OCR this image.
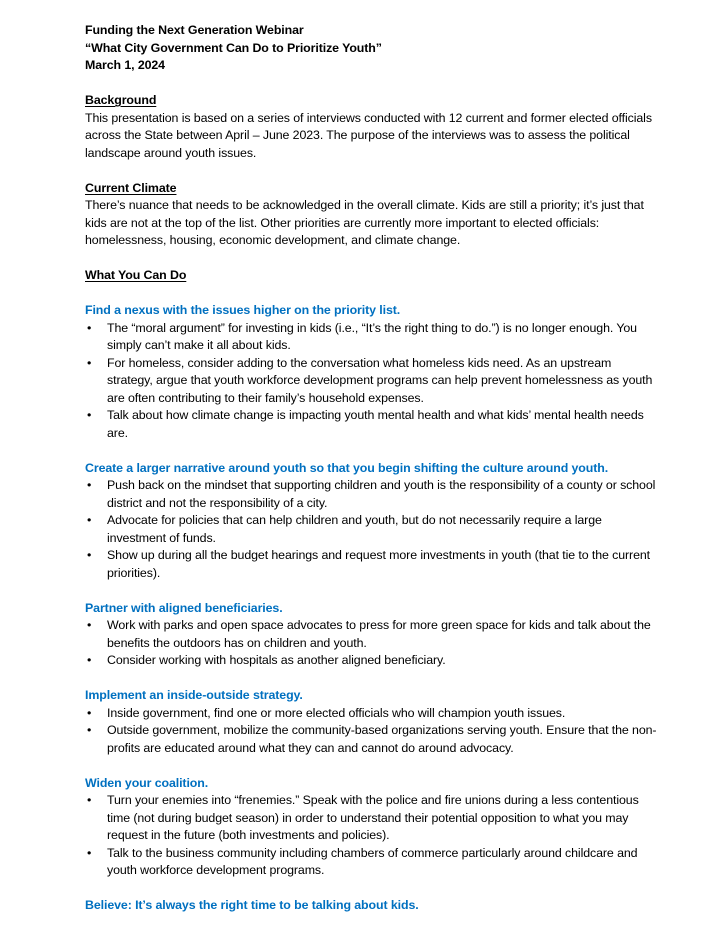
Funding the Next Generation Webinar
“What City Government Can Do to Prioritize Youth”
March 1, 2024
Background

This presentation is based on a series of interviews conducted with 12 current and former elected officials across the State between April – June 2023. The purpose of the interviews was to assess the political landscape around youth issues.

Current Climate

There’s nuance that needs to be acknowledged in the overall climate. Kids are still a priority; it’s just that kids are not at the top of the list. Other priorities are currently more important to elected officials: homelessness, housing, economic development, and climate change.

What You Can Do
Find a nexus with the issues higher on the priority list.
• The “moral argument” for investing in kids (i.e., “It’s the right thing to do.”) is no longer enough. You simply can’t make it all about kids.
• For homeless, consider adding to the conversation what homeless kids need. As an upstream strategy, argue that youth workforce development programs can help prevent homelessness as youth are often contributing to their family’s household expenses.
• Talk about how climate change is impacting youth mental health and what kids’ mental health needs are.
Create a larger narrative around youth so that you begin shifting the culture around youth.
• Push back on the mindset that supporting children and youth is the responsibility of a county or school district and not the responsibility of a city.
• Advocate for policies that can help children and youth, but do not necessarily require a large investment of funds.
• Show up during all the budget hearings and request more investments in youth (that tie to the current priorities).
Partner with aligned beneficiaries.
• Work with parks and open space advocates to press for more green space for kids and talk about the benefits the outdoors has on children and youth.
• Consider working with hospitals as another aligned beneficiary.
Implement an inside-outside strategy.
• Inside government, find one or more elected officials who will champion youth issues.
• Outside government, mobilize the community-based organizations serving youth. Ensure that the non-profits are educated around what they can and cannot do around advocacy.
Widen your coalition.
• Turn your enemies into “frenemies.” Speak with the police and fire unions during a less contentious time (not during budget season) in order to understand their potential opposition to what you may request in the future (both investments and policies).
• Talk to the business community including chambers of commerce particularly around childcare and youth workforce development programs.

Believe: It’s always the right time to be talking about kids.
